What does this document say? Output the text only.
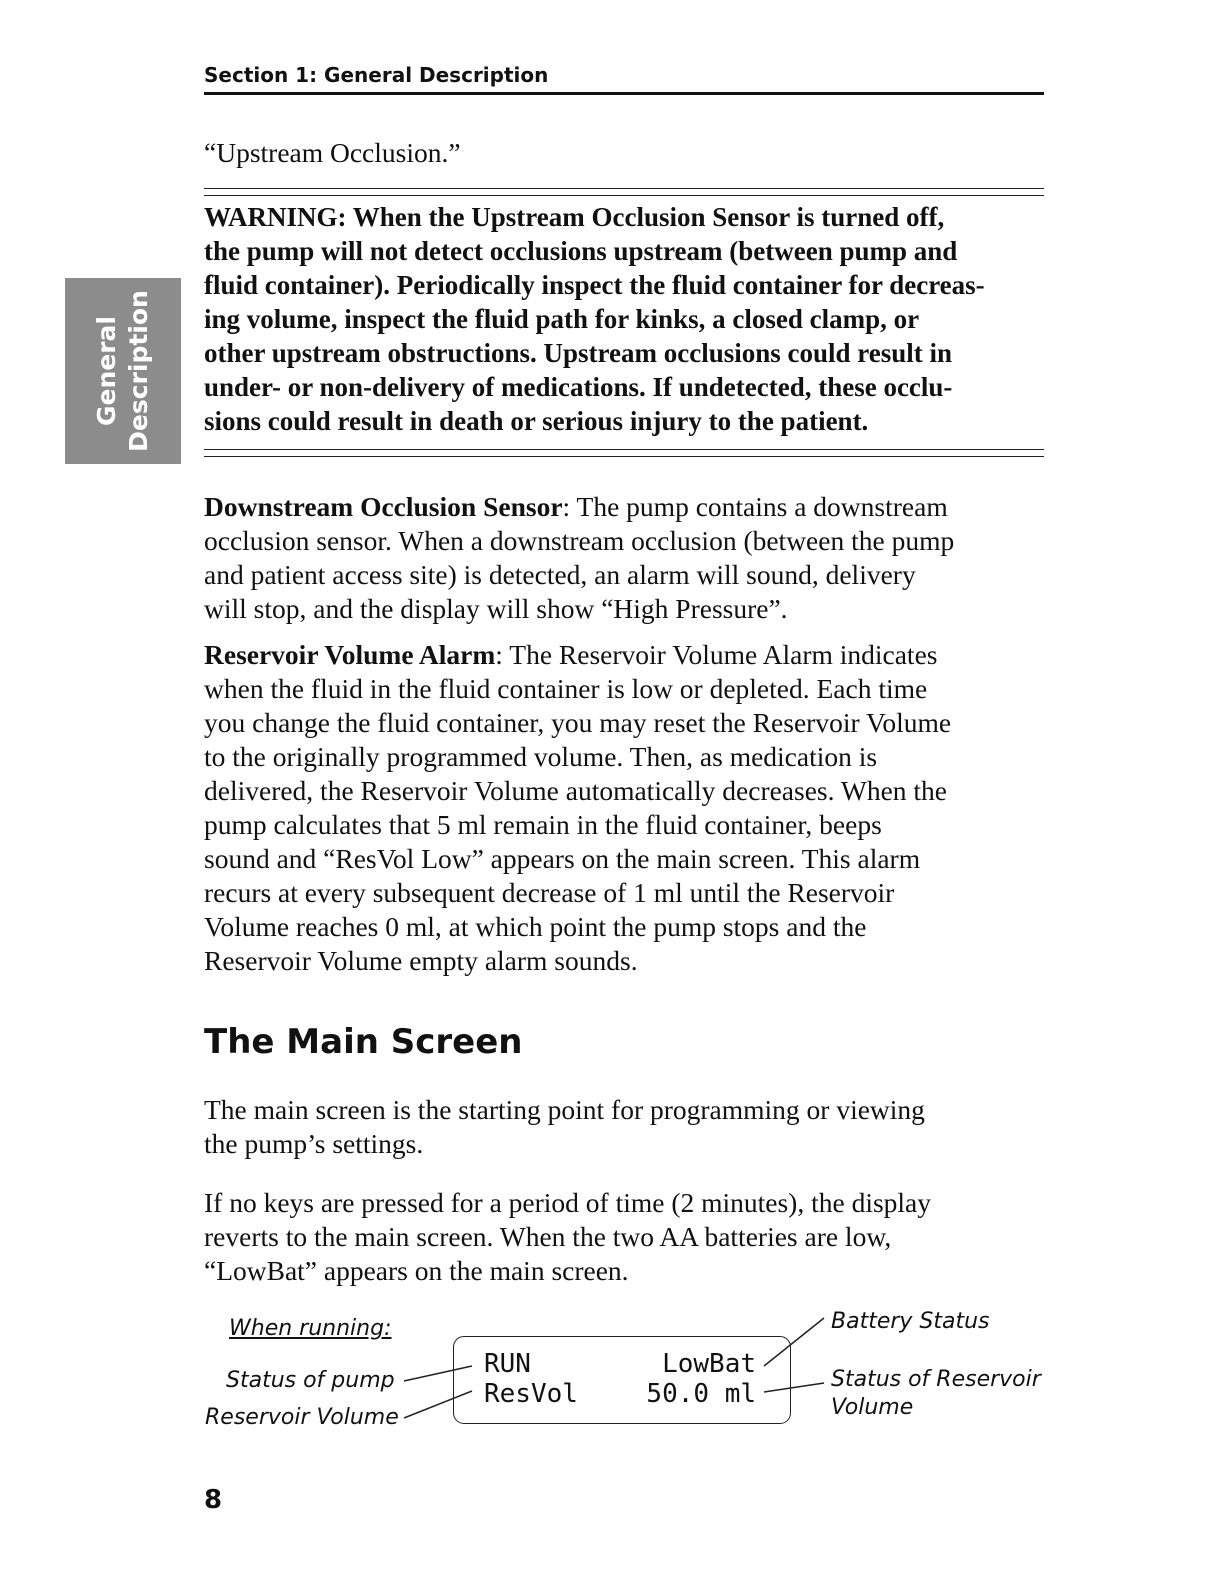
Section 1: General Description
General Description

“Upstream Occlusion.”

WARNING: When the Upstream Occlusion Sensor is turned off,
the pump will not detect occlusions upstream (between pump and
fluid container). Periodically inspect the fluid container for decreas-
ing volume, inspect the fluid path for kinks, a closed clamp, or
other upstream obstructions. Upstream occlusions could result in
under- or non-delivery of medications. If undetected, these occlu-
sions could result in death or serious injury to the patient.
Downstream Occlusion Sensor: The pump contains a downstream
occlusion sensor. When a downstream occlusion (between the pump
and patient access site) is detected, an alarm will sound, delivery
will stop, and the display will show “High Pressure”.
Reservoir Volume Alarm: The Reservoir Volume Alarm indicates
when the fluid in the fluid container is low or depleted. Each time
you change the fluid container, you may reset the Reservoir Volume
to the originally programmed volume. Then, as medication is
delivered, the Reservoir Volume automatically decreases. When the
pump calculates that 5 ml remain in the fluid container, beeps
sound and “ResVol Low” appears on the main screen. This alarm
recurs at every subsequent decrease of 1 ml until the Reservoir
Volume reaches 0 ml, at which point the pump stops and the
Reservoir Volume empty alarm sounds.
The Main Screen
The main screen is the starting point for programming or viewing
the pump’s settings.
If no keys are pressed for a period of time (2 minutes), the display
reverts to the main screen. When the two AA batteries are low,
“LowBat” appears on the main screen.
When running:
Status of pump
Reservoir Volume
Battery Status
Status of Reservoir
Volume
RUN	LowBat
ResVol	50.0 ml
8
